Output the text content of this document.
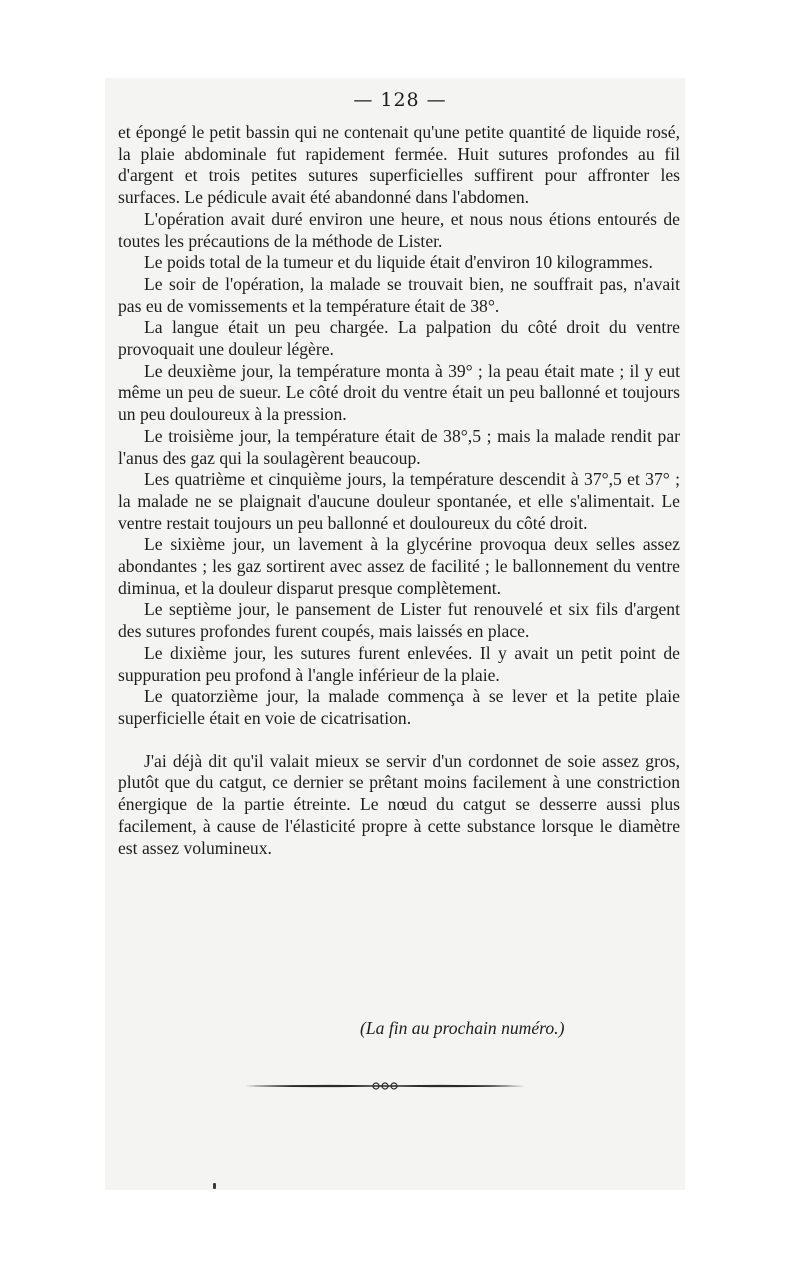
— 128 —

et épongé le petit bassin qui ne contenait qu'une petite quantité de liquide rosé, la plaie abdominale fut rapidement fermée. Huit sutures profondes au fil d'argent et trois petites sutures superficielles suffirent pour affronter les surfaces. Le pédicule avait été abandonné dans l'abdomen.

L'opération avait duré environ une heure, et nous nous étions entourés de toutes les précautions de la méthode de Lister.

Le poids total de la tumeur et du liquide était d'environ 10 kilogrammes.

Le soir de l'opération, la malade se trouvait bien, ne souffrait pas, n'avait pas eu de vomissements et la température était de 38°.

La langue était un peu chargée. La palpation du côté droit du ventre provoquait une douleur légère.

Le deuxième jour, la température monta à 39° ; la peau était mate ; il y eut même un peu de sueur. Le côté droit du ventre était un peu ballonné et toujours un peu douloureux à la pression.

Le troisième jour, la température était de 38°,5 ; mais la malade rendit par l'anus des gaz qui la soulagèrent beaucoup.

Les quatrième et cinquième jours, la température descendit à 37°,5 et 37° ; la malade ne se plaignait d'aucune douleur spontanée, et elle s'alimentait. Le ventre restait toujours un peu ballonné et douloureux du côté droit.

Le sixième jour, un lavement à la glycérine provoqua deux selles assez abondantes ; les gaz sortirent avec assez de facilité ; le ballonnement du ventre diminua, et la douleur disparut presque complètement.

Le septième jour, le pansement de Lister fut renouvelé et six fils d'argent des sutures profondes furent coupés, mais laissés en place.

Le dixième jour, les sutures furent enlevées. Il y avait un petit point de suppuration peu profond à l'angle inférieur de la plaie.

Le quatorzième jour, la malade commença à se lever et la petite plaie superficielle était en voie de cicatrisation.

J'ai déjà dit qu'il valait mieux se servir d'un cordonnet de soie assez gros, plutôt que du catgut, ce dernier se prêtant moins facilement à une constriction énergique de la partie étreinte. Le nœud du catgut se desserre aussi plus facilement, à cause de l'élasticité propre à cette substance lorsque le diamètre est assez volumineux.

(La fin au prochain numéro.)
